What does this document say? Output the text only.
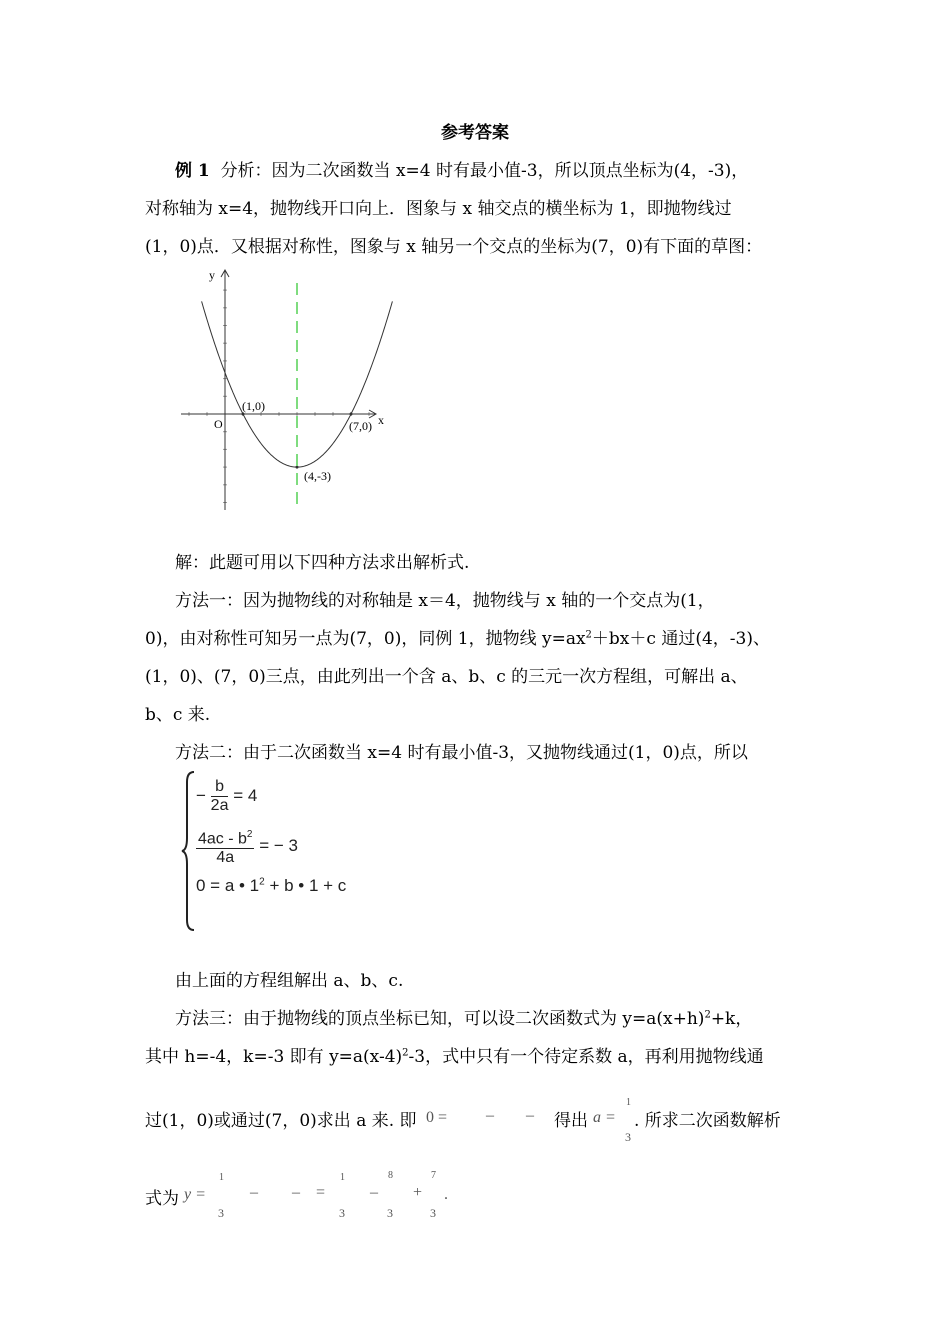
参考答案
例 1 分析：因为二次函数当 x=4 时有最小值-3，所以顶点坐标为(4，-3)，
对称轴为 x=4，抛物线开口向上．图象与 x 轴交点的横坐标为 1，即抛物线过
(1，0)点．又根据对称性，图象与 x 轴另一个交点的坐标为(7，0)有下面的草图：
y
x
O
(1,0)
(7,0)
(4,-3)
解：此题可用以下四种方法求出解析式.
方法一：因为抛物线的对称轴是 x＝4，抛物线与 x 轴的一个交点为(1，
0)，由对称性可知另一点为(7，0)，同例 1，抛物线 $y=ax^2+bx+c$ 通过(4，-3)、
(1，0)、(7，0)三点，由此列出一个含 a、b、c 的三元一次方程组，可解出 a、
b、c 来.
方法二：由于二次函数当 x=4 时有最小值-3，又抛物线通过(1，0)点，所以
− $\frac{b}{2a} = 4$
$\frac{4ac - b^2}{4a}$ = − 3
0 = a • $1^2 + b$ • 1 + c
由上面的方程组解出 a、b、c.
方法三：由于抛物线的顶点坐标已知，可以设二次函数式为 $y=a(x+h)^2+k$，
其中 h=-4，k=-3 即有 $y=a(x-4)^2-3$，式中只有一个待定系数 a，再利用抛物线通
过(1，0)或通过(7，0)求出 a 来. 即 0 = – – 得出 a =
1
3
. 所求二次函数解析
式为 y =
1
3
– – =
1
3
–
8
3
+
7
3
.
